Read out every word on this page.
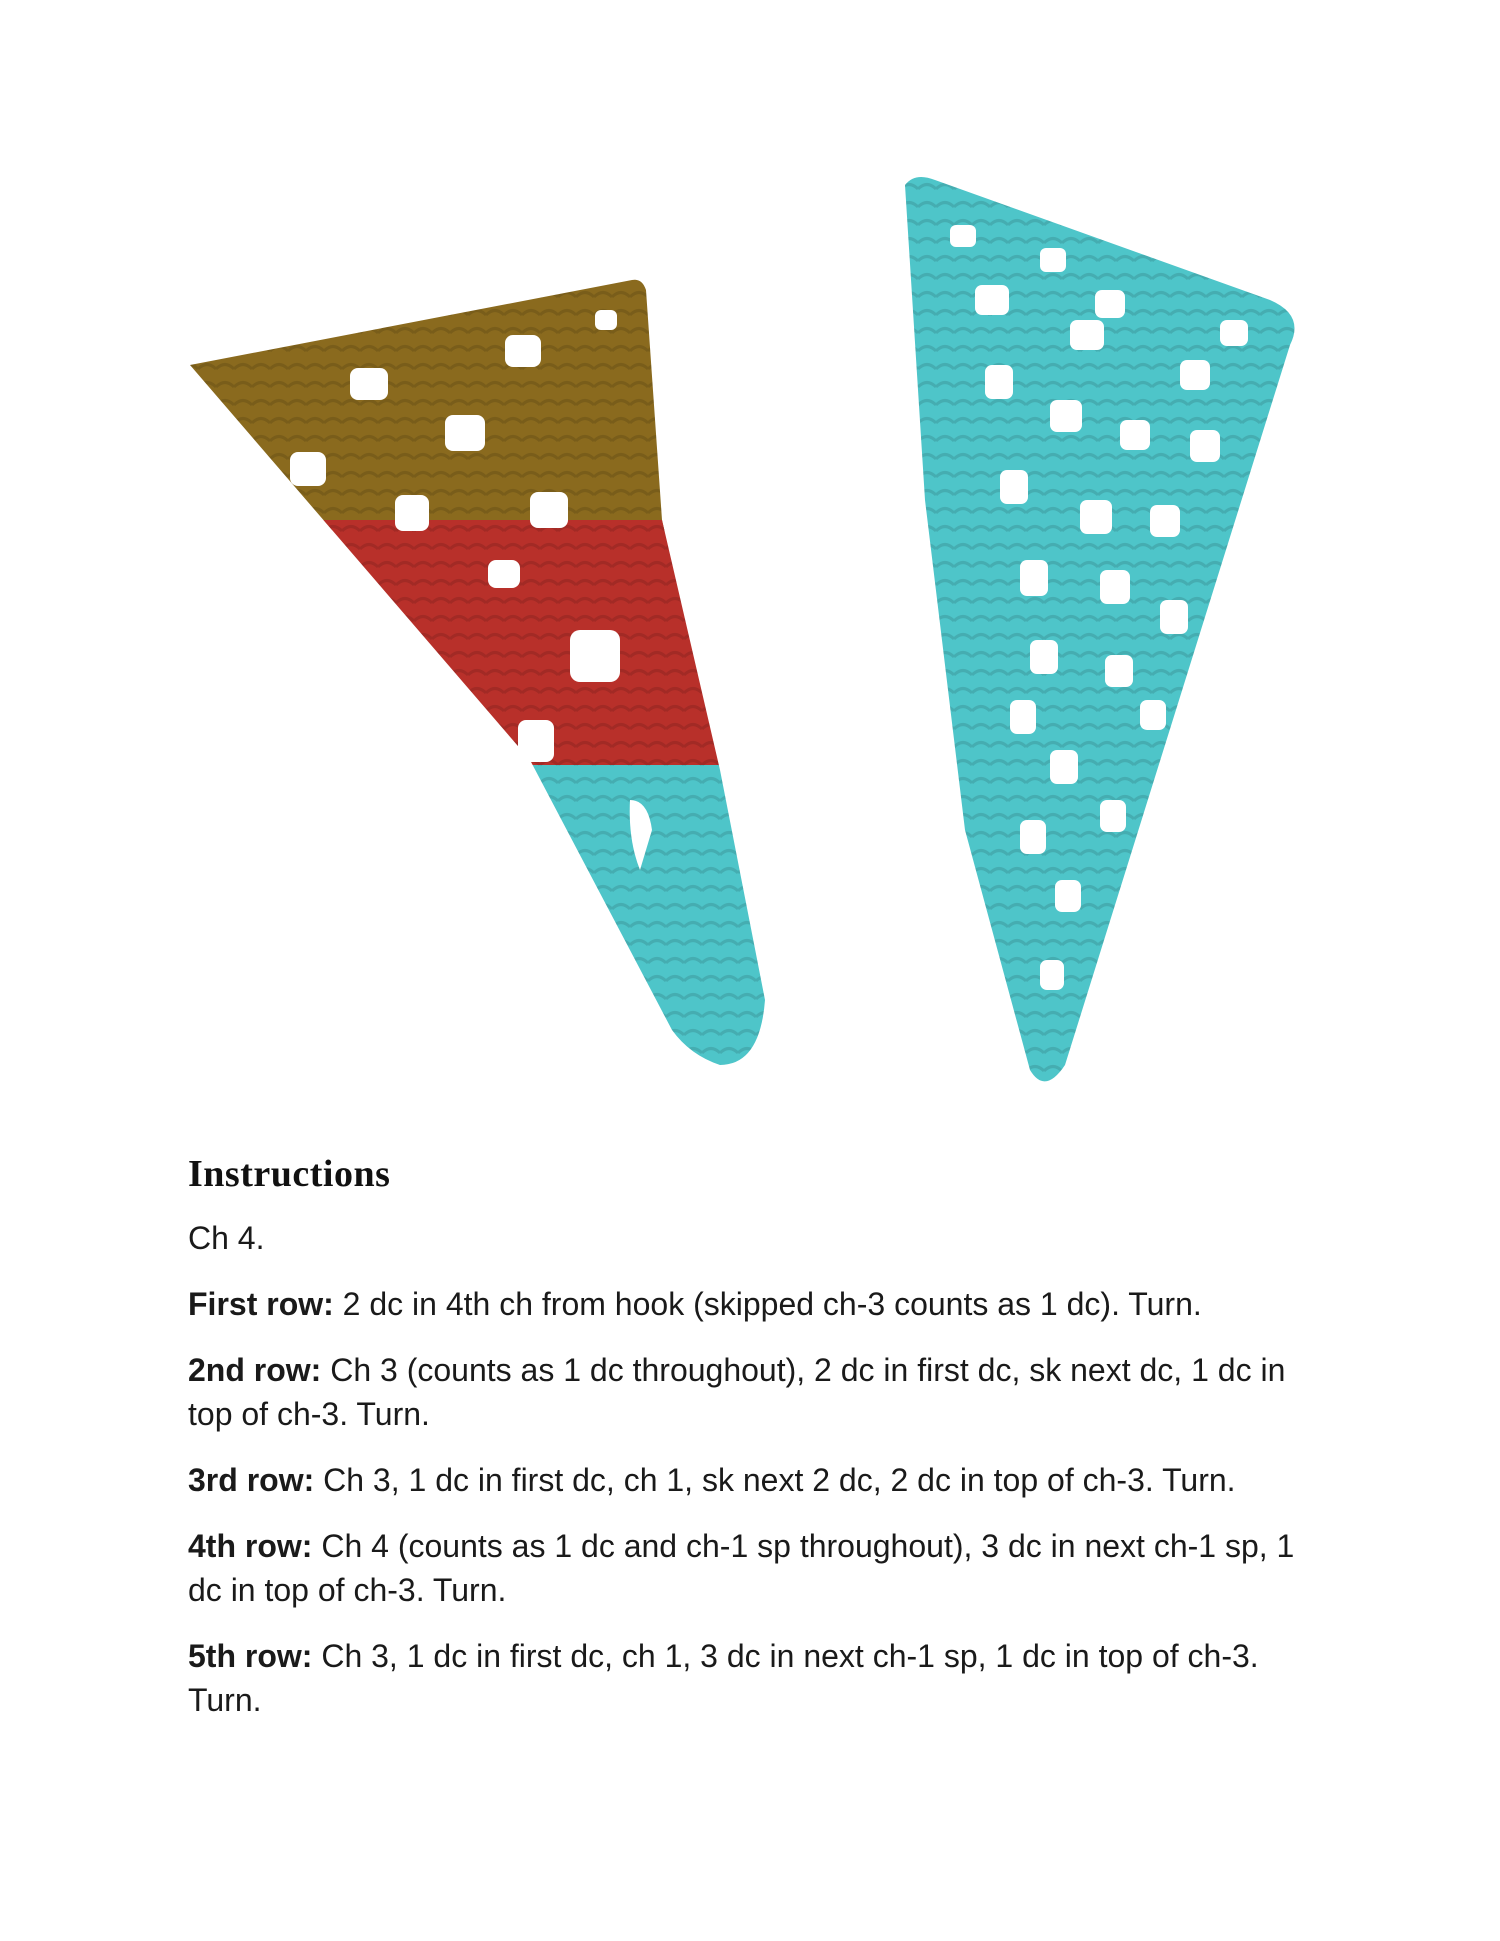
Instructions

Ch 4.

First row: 2 dc in 4th ch from hook (skipped ch-3 counts as 1 dc). Turn.

2nd row: Ch 3 (counts as 1 dc throughout), 2 dc in first dc, sk next dc, 1 dc in top of ch-3. Turn.

3rd row: Ch 3, 1 dc in first dc, ch 1, sk next 2 dc, 2 dc in top of ch-3. Turn.

4th row: Ch 4 (counts as 1 dc and ch-1 sp throughout), 3 dc in next ch-1 sp, 1 dc in top of ch-3. Turn.

5th row: Ch 3, 1 dc in first dc, ch 1, 3 dc in next ch-1 sp, 1 dc in top of ch-3. Turn.
